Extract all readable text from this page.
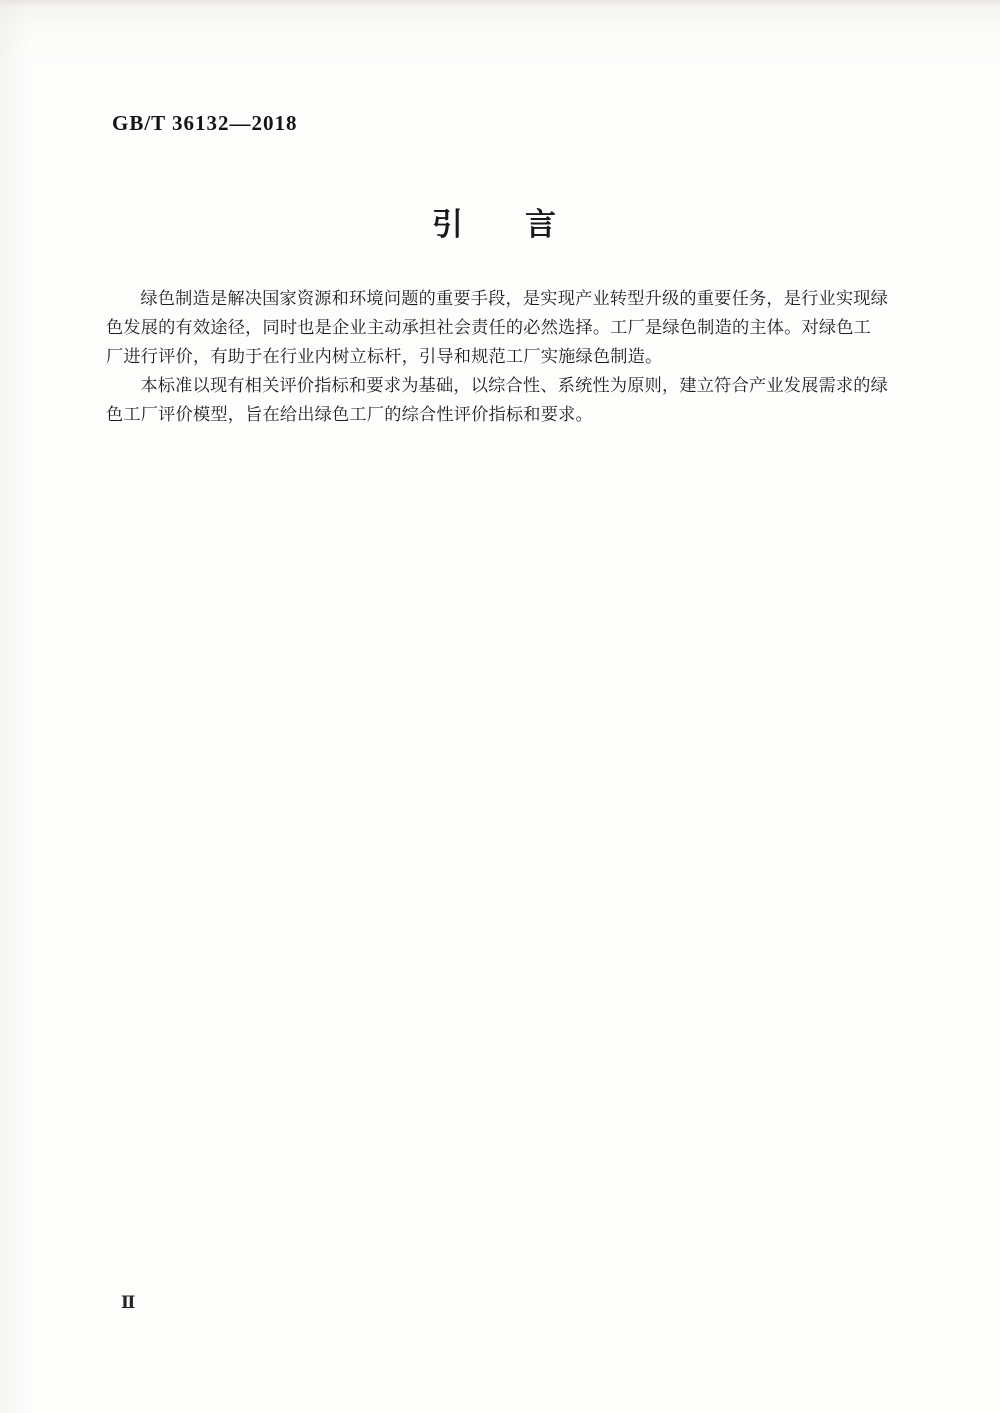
GB/T 36132—2018
引　　言

绿色制造是解决国家资源和环境问题的重要手段，是实现产业转型升级的重要任务，是行业实现绿
色发展的有效途径，同时也是企业主动承担社会责任的必然选择。工厂是绿色制造的主体。对绿色工
厂进行评价，有助于在行业内树立标杆，引导和规范工厂实施绿色制造。

本标准以现有相关评价指标和要求为基础，以综合性、系统性为原则，建立符合产业发展需求的绿
色工厂评价模型，旨在给出绿色工厂的综合性评价指标和要求。

Ⅱ
